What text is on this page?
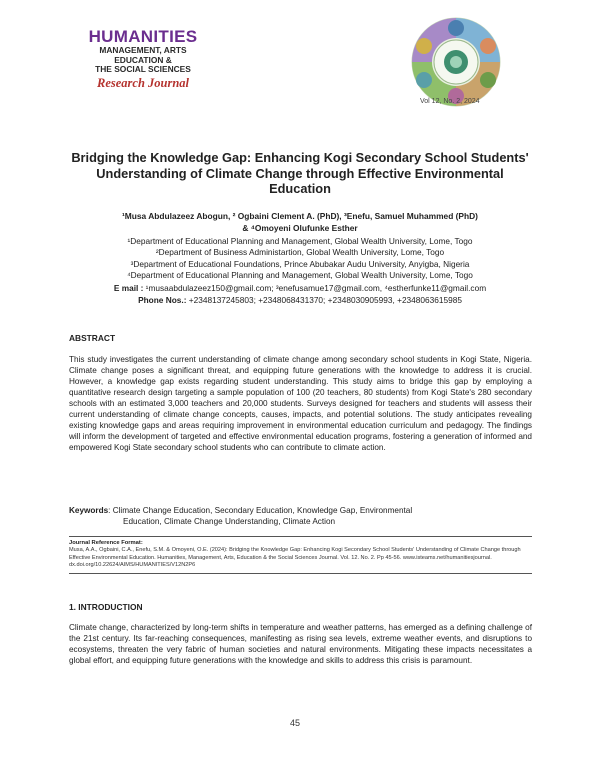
HUMANITIES
MANAGEMENT, ARTS
EDUCATION &
THE SOCIAL SCIENCES
Research Journal
Vol 12, No. 2, 2024
Bridging the Knowledge Gap: Enhancing Kogi Secondary School Students' Understanding of Climate Change through Effective Environmental Education
¹Musa Abdulazeez Abogun, ² Ogbaini Clement A. (PhD), ³Enefu, Samuel Muhammed (PhD)
& ⁴Omoyeni Olufunke Esther
¹Department of Educational Planning and Management, Global Wealth University, Lome, Togo
²Department of Business Administartion, Global Wealth University, Lome, Togo
³Department of Educational Foundations, Prince Abubakar Audu University, Anyigba, Nigeria
⁴Department of Educational Planning and Management, Global Wealth University, Lome, Togo
E mail : ¹musaabdulazeez150@gmail.com; ³enefusamue17@gmail.com, ⁴estherfunke11@gmail.com
Phone Nos.: +2348137245803; +2348068431370; +2348030905993, +2348063615985
ABSTRACT
This study investigates the current understanding of climate change among secondary school students in Kogi State, Nigeria. Climate change poses a significant threat, and equipping future generations with the knowledge to address it is crucial. However, a knowledge gap exists regarding student understanding. This study aims to bridge this gap by employing a quantitative research design targeting a sample population of 100 (20 teachers, 80 students) from Kogi State's 280 secondary schools with an estimated 3,000 teachers and 20,000 students. Surveys designed for teachers and students will assess their current understanding of climate change concepts, causes, impacts, and potential solutions. The study anticipates revealing existing knowledge gaps and areas requiring improvement in environmental education curriculum and pedagogy. The findings will inform the development of targeted and effective environmental education programs, fostering a generation of informed and empowered Kogi State secondary school students who can contribute to climate action.
Keywords: Climate Change Education, Secondary Education, Knowledge Gap, Environmental
Education, Climate Change Understanding, Climate Action
Journal Reference Format:
Musa, A.A., Ogbaini, C.A., Enefu, S.M. & Omoyeni, O.E. (2024): Bridging the Knowledge Gap: Enhancing Kogi Secondary School Students' Understanding of Climate Change through Effective Environmental Education. Humanities, Management, Arts, Education & the Social Sciences Journal. Vol. 12. No. 2. Pp 45-56. www.isteams.net/humanitiesjournal. dx.doi.org/10.22624/AIMS/HUMANITIES/V12N2P6
1. INTRODUCTION
Climate change, characterized by long-term shifts in temperature and weather patterns, has emerged as a defining challenge of the 21st century. Its far-reaching consequences, manifesting as rising sea levels, extreme weather events, and disruptions to ecosystems, threaten the very fabric of human societies and natural environments. Mitigating these impacts necessitates a global effort, and equipping future generations with the knowledge and skills to address this crisis is paramount.
45
